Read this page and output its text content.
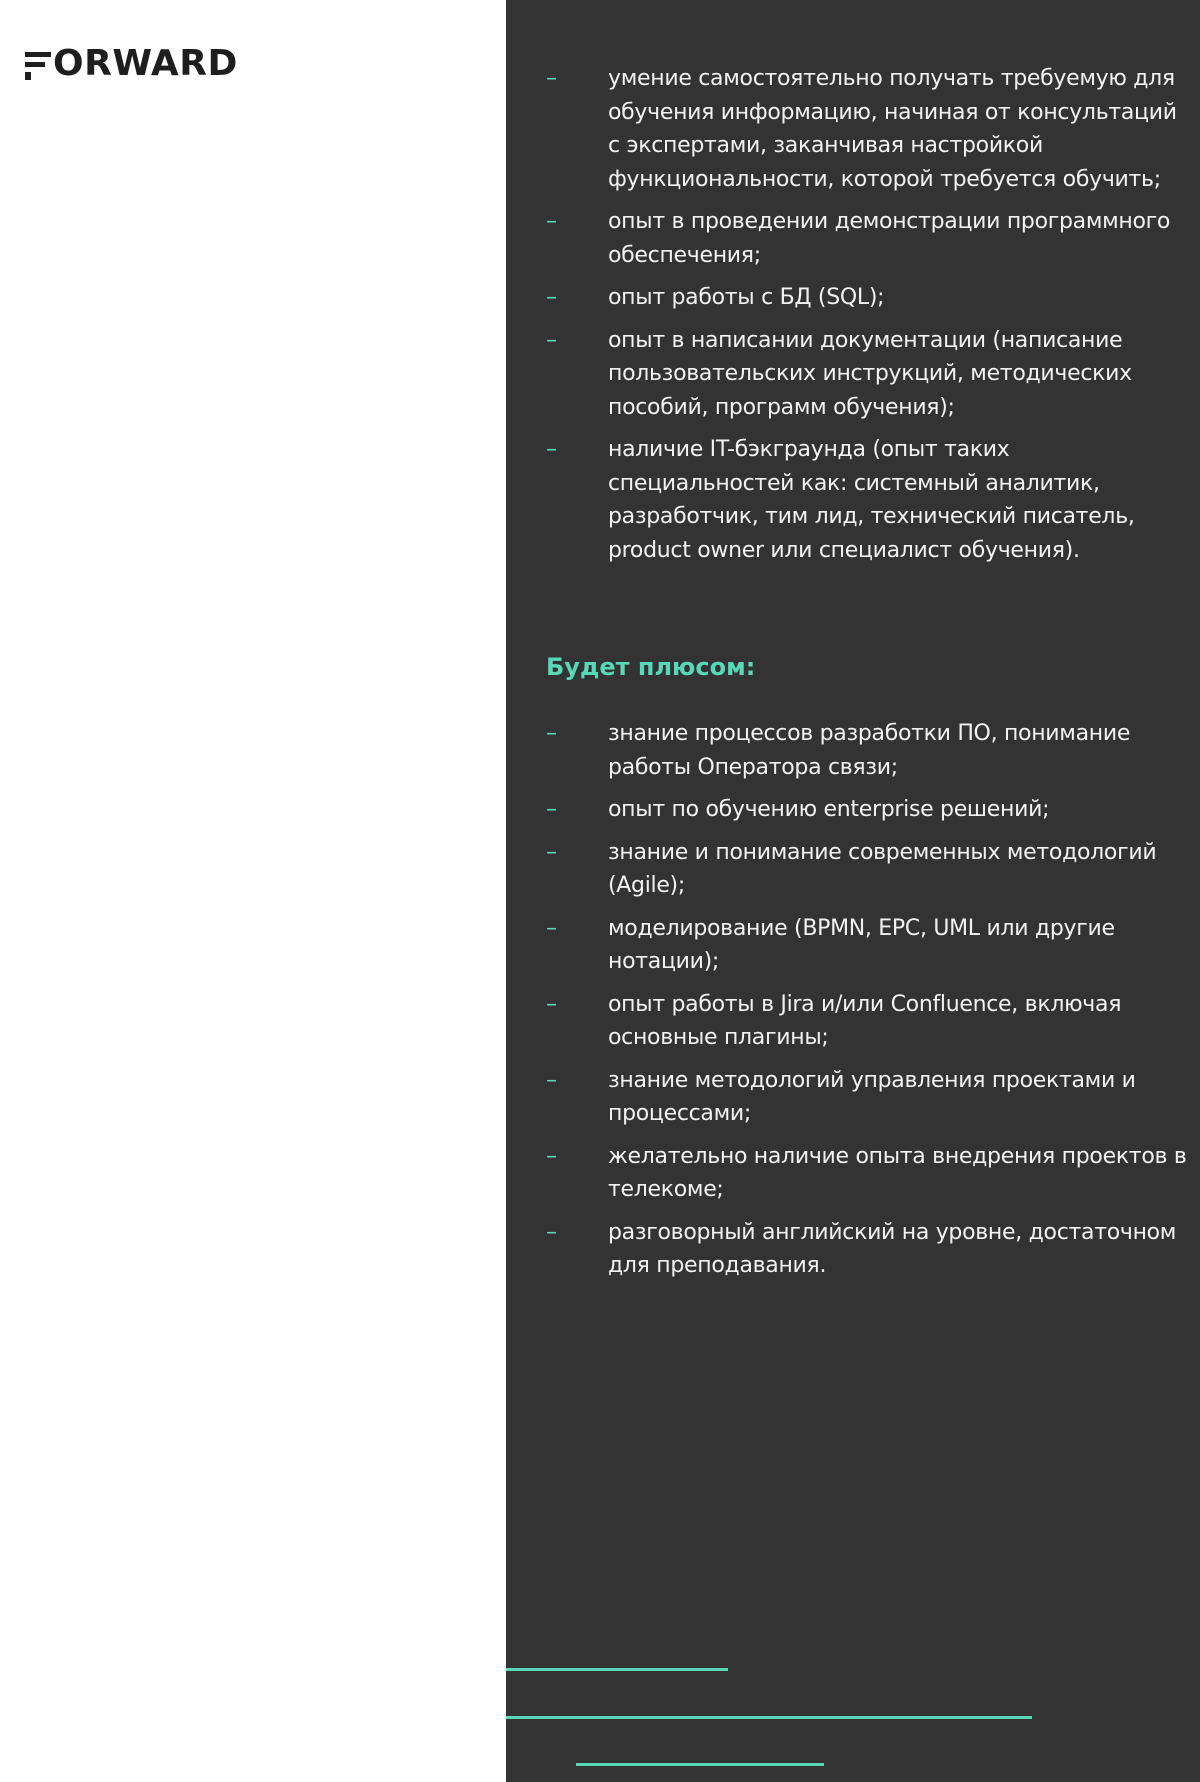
ORWARD	– умение самостоятельно получать требуемую для обучения информацию, начиная от консультаций с экспертами, заканчивая настройкой функциональности, которой требуется обучить;
– опыт в проведении демонстрации программного обеспечения;
– опыт работы с БД (SQL);
– опыт в написании документации (написание пользовательских инструкций, методических пособий, программ обучения);
– наличие IT-бэкграунда (опыт таких специальностей как: системный аналитик, разработчик, тим лид, технический писатель, product owner или специалист обучения).
Будет плюсом:
– знание процессов разработки ПО, понимание работы Оператора связи;
– опыт по обучению enterprise решений;
– знание и понимание современных методологий (Agile);
– моделирование (BPMN, EPC, UML или другие нотации);
– опыт работы в Jira и/или Confluence, включая основные плагины;
– знание методологий управления проектами и процессами;
– желательно наличие опыта внедрения проектов в телекоме;
– разговорный английский на уровне, достаточном для преподавания.
